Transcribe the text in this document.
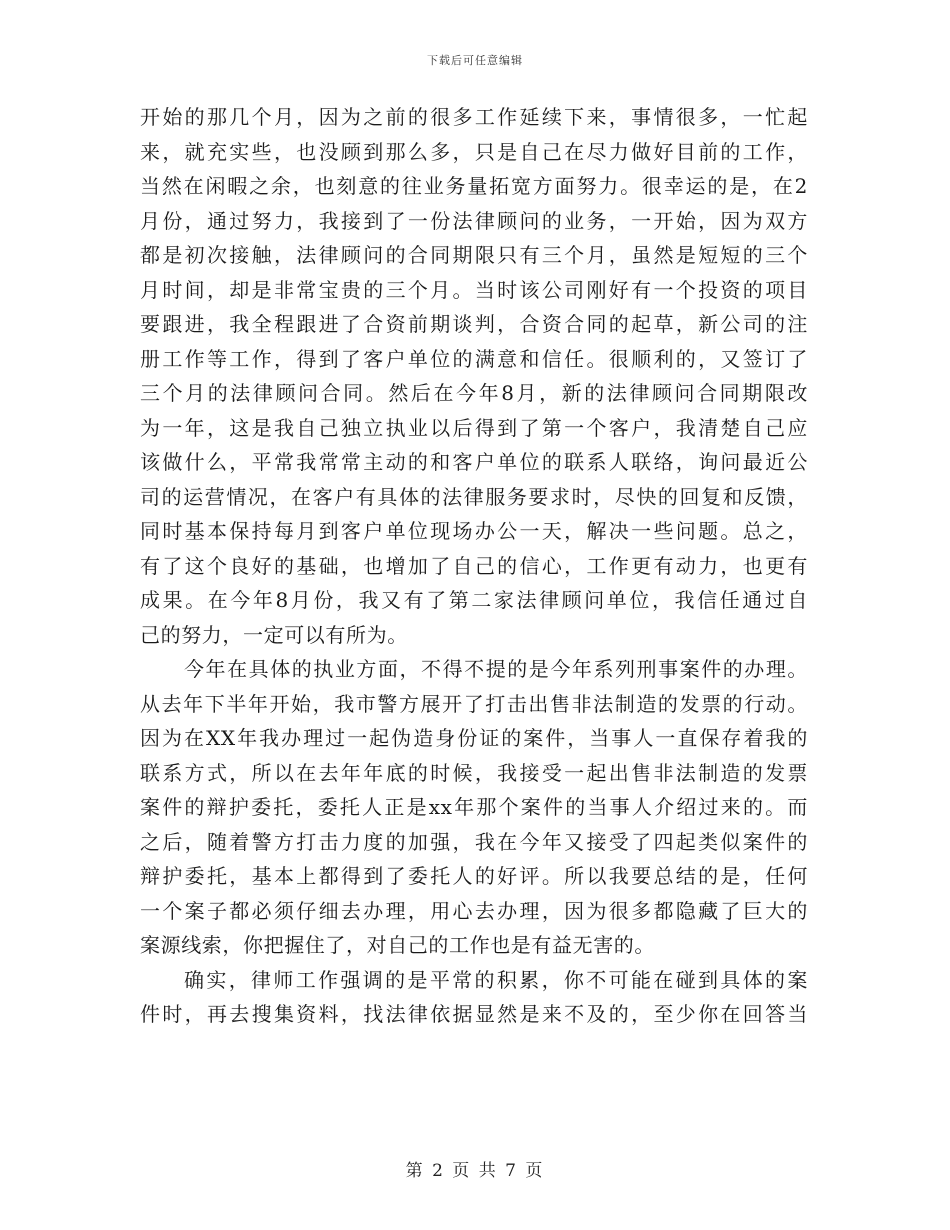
下载后可任意编辑
开始的那几个月，因为之前的很多工作延续下来，事情很多，一忙起
来，就充实些，也没顾到那么多，只是自己在尽力做好目前的工作，
当然在闲暇之余，也刻意的往业务量拓宽方面努力。很幸运的是，在2
月份，通过努力，我接到了一份法律顾问的业务，一开始，因为双方
都是初次接触，法律顾问的合同期限只有三个月，虽然是短短的三个
月时间，却是非常宝贵的三个月。当时该公司刚好有一个投资的项目
要跟进，我全程跟进了合资前期谈判，合资合同的起草，新公司的注
册工作等工作，得到了客户单位的满意和信任。很顺利的，又签订了
三个月的法律顾问合同。然后在今年8月，新的法律顾问合同期限改
为一年，这是我自己独立执业以后得到了第一个客户，我清楚自己应
该做什么，平常我常常主动的和客户单位的联系人联络，询问最近公
司的运营情况，在客户有具体的法律服务要求时，尽快的回复和反馈，
同时基本保持每月到客户单位现场办公一天，解决一些问题。总之，
有了这个良好的基础，也增加了自己的信心，工作更有动力，也更有
成果。在今年8月份，我又有了第二家法律顾问单位，我信任通过自
己的努力，一定可以有所为。
今年在具体的执业方面，不得不提的是今年系列刑事案件的办理。
从去年下半年开始，我市警方展开了打击出售非法制造的发票的行动。
因为在XX年我办理过一起伪造身份证的案件，当事人一直保存着我的
联系方式，所以在去年年底的时候，我接受一起出售非法制造的发票
案件的辩护委托，委托人正是xx年那个案件的当事人介绍过来的。而
之后，随着警方打击力度的加强，我在今年又接受了四起类似案件的
辩护委托，基本上都得到了委托人的好评。所以我要总结的是，任何
一个案子都必须仔细去办理，用心去办理，因为很多都隐藏了巨大的
案源线索，你把握住了，对自己的工作也是有益无害的。
确实，律师工作强调的是平常的积累，你不可能在碰到具体的案
件时，再去搜集资料，找法律依据显然是来不及的，至少你在回答当
第 2 页 共 7 页
